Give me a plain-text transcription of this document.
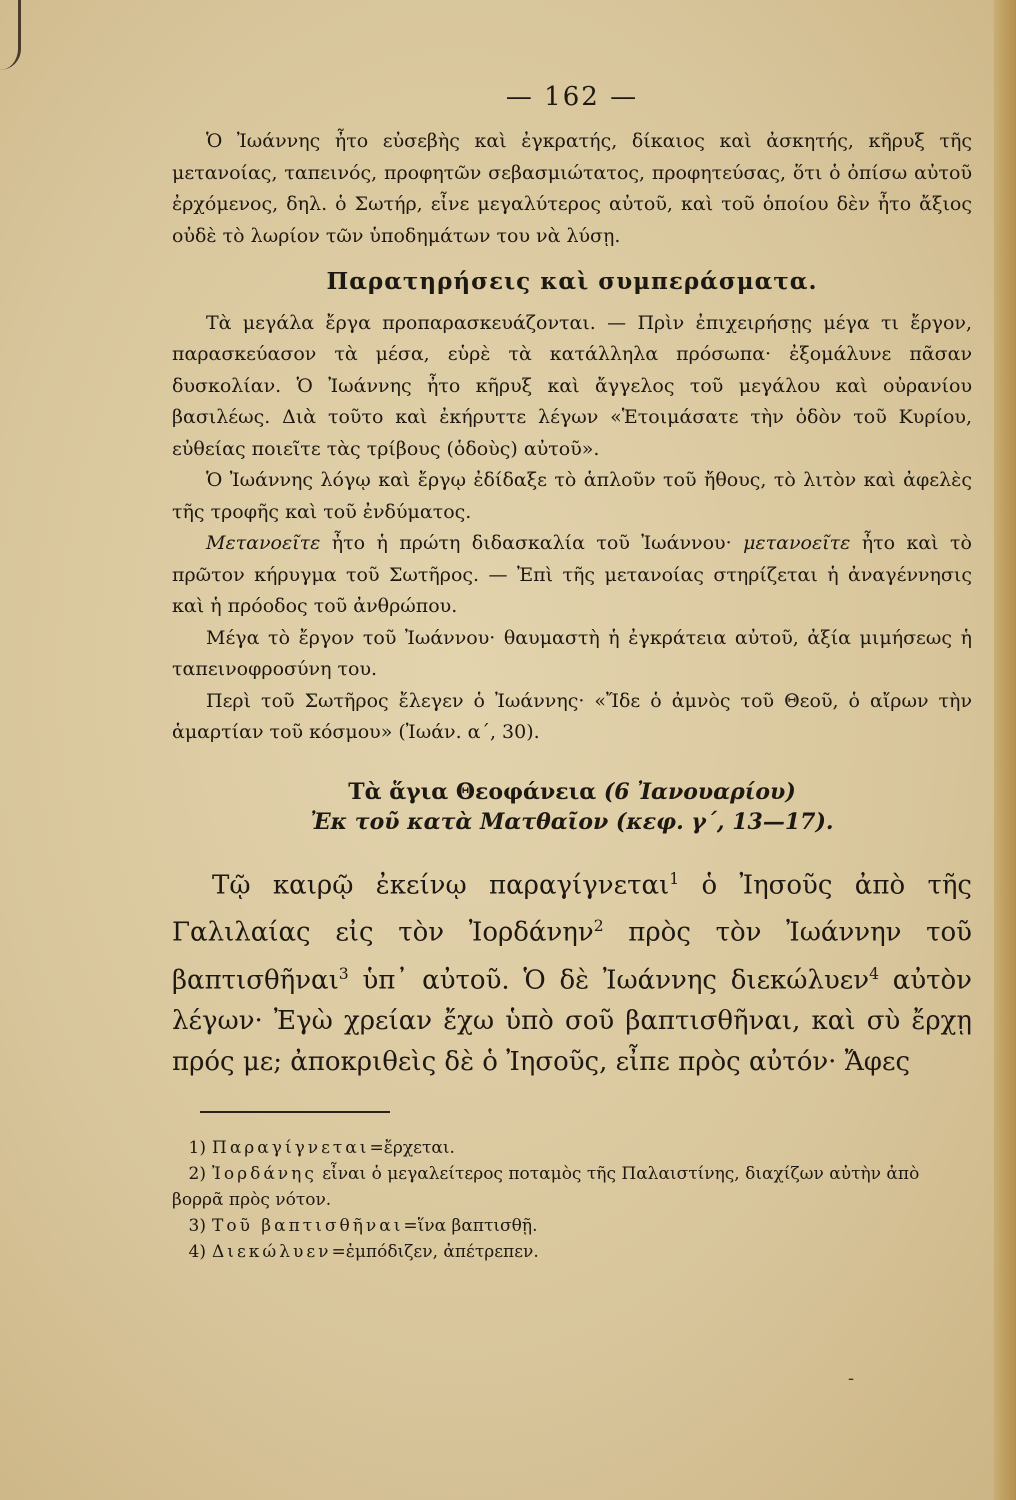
— 162 —

Ὁ Ἰωάννης ἦτο εὐσεβὴς καὶ ἐγκρατής, δίκαιος καὶ ἀσκητής, κῆρυξ τῆς μετανοίας, ταπεινός, προφητῶν σεβασμιώτατος, προφητεύσας, ὅτι ὁ ὀπίσω αὐτοῦ ἐρχόμενος, δηλ. ὁ Σωτήρ, εἶνε μεγαλύτερος αὐτοῦ, καὶ τοῦ ὁποίου δὲν ἦτο ἄξιος οὐδὲ τὸ λωρίον τῶν ὑποδημάτων του νὰ λύσῃ.

Παρατηρήσεις καὶ συμπεράσματα.

Τὰ μεγάλα ἔργα προπαρασκευάζονται. — Πρὶν ἐπιχειρήσῃς μέγα τι ἔργον, παρασκεύασον τὰ μέσα, εὑρὲ τὰ κατάλληλα πρόσωπα· ἐξομάλυνε πᾶσαν δυσκολίαν. Ὁ Ἰωάννης ἦτο κῆρυξ καὶ ἄγγελος τοῦ μεγάλου καὶ οὐρανίου βασιλέως. Διὰ τοῦτο καὶ ἐκήρυττε λέγων «Ἑτοιμάσατε τὴν ὁδὸν τοῦ Κυρίου, εὐθείας ποιεῖτε τὰς τρίβους (ὁδοὺς) αὐτοῦ».

Ὁ Ἰωάννης λόγῳ καὶ ἔργῳ ἐδίδαξε τὸ ἁπλοῦν τοῦ ἤθους, τὸ λιτὸν καὶ ἀφελὲς τῆς τροφῆς καὶ τοῦ ἐνδύματος.

Μετανοεῖτε ἦτο ἡ πρώτη διδασκαλία τοῦ Ἰωάννου· μετανοεῖτε ἦτο καὶ τὸ πρῶτον κήρυγμα τοῦ Σωτῆρος. — Ἐπὶ τῆς μετανοίας στηρίζεται ἡ ἀναγέννησις καὶ ἡ πρόοδος τοῦ ἀνθρώπου.

Μέγα τὸ ἔργον τοῦ Ἰωάννου· θαυμαστὴ ἡ ἐγκράτεια αὐτοῦ, ἀξία μιμήσεως ἡ ταπεινοφροσύνη του.

Περὶ τοῦ Σωτῆρος ἔλεγεν ὁ Ἰωάννης· «Ἴδε ὁ ἀμνὸς τοῦ Θεοῦ, ὁ αἴρων τὴν ἁμαρτίαν τοῦ κόσμου» (Ἰωάν. α΄, 30).

Τὰ ἅγια Θεοφάνεια (6 Ἰανουαρίου)
Ἐκ τοῦ κατὰ Ματθαῖον (κεφ. γ΄, 13—17).

Τῷ καιρῷ ἐκείνῳ παραγίγνεται$^1$ ὁ Ἰησοῦς ἀπὸ τῆς Γαλιλαίας εἰς τὸν Ἰορδάνην$^2$ πρὸς τὸν Ἰωάννην τοῦ βαπτισθῆναι$^3$ ὑπ᾽ αὐτοῦ. Ὁ δὲ Ἰωάννης διεκώλυεν$^4$ αὐτὸν λέγων· Ἐγὼ χρείαν ἔχω ὑπὸ σοῦ βαπτισθῆναι, καὶ σὺ ἔρχῃ πρός με; ἀποκριθεὶς δὲ ὁ Ἰησοῦς, εἶπε πρὸς αὐτόν· Ἄφες

1) Παραγίγνεται=ἔρχεται.
2) Ἰορδάνης εἶναι ὁ μεγαλείτερος ποταμὸς τῆς Παλαιστίνης, διαχίζων αὐτὴν ἀπὸ βορρᾶ πρὸς νότον.
3) Τοῦ βαπτισθῆναι=ἵνα βαπτισθῇ.
4) Διεκώλυεν=ἐμπόδιζεν, ἀπέτρεπεν.
-
